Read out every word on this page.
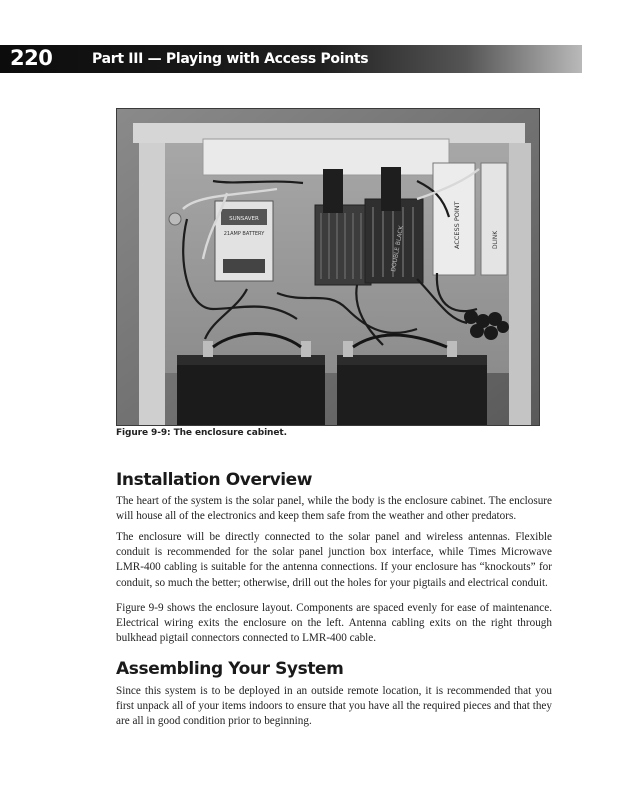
220	Part III — Playing with Access Points
SUNSAVER
21AMP BATTERY	DOUBLE BLACK	ACCESS POINT	DLINK
Figure 9-9: The enclosure cabinet.
Installation Overview

The heart of the system is the solar panel, while the body is the enclosure cabinet. The enclosure will house all of the electronics and keep them safe from the weather and other predators.

The enclosure will be directly connected to the solar panel and wireless antennas. Flexible conduit is recommended for the solar panel junction box interface, while Times Microwave LMR-400 cabling is suitable for the antenna connections. If your enclosure has “knockouts” for conduit, so much the better; otherwise, drill out the holes for your pigtails and electrical conduit.

Figure 9-9 shows the enclosure layout. Components are spaced evenly for ease of maintenance. Electrical wiring exits the enclosure on the left. Antenna cabling exits on the right through bulkhead pigtail connectors connected to LMR-400 cable.

Assembling Your System

Since this system is to be deployed in an outside remote location, it is recommended that you first unpack all of your items indoors to ensure that you have all the required pieces and that they are all in good condition prior to beginning.
